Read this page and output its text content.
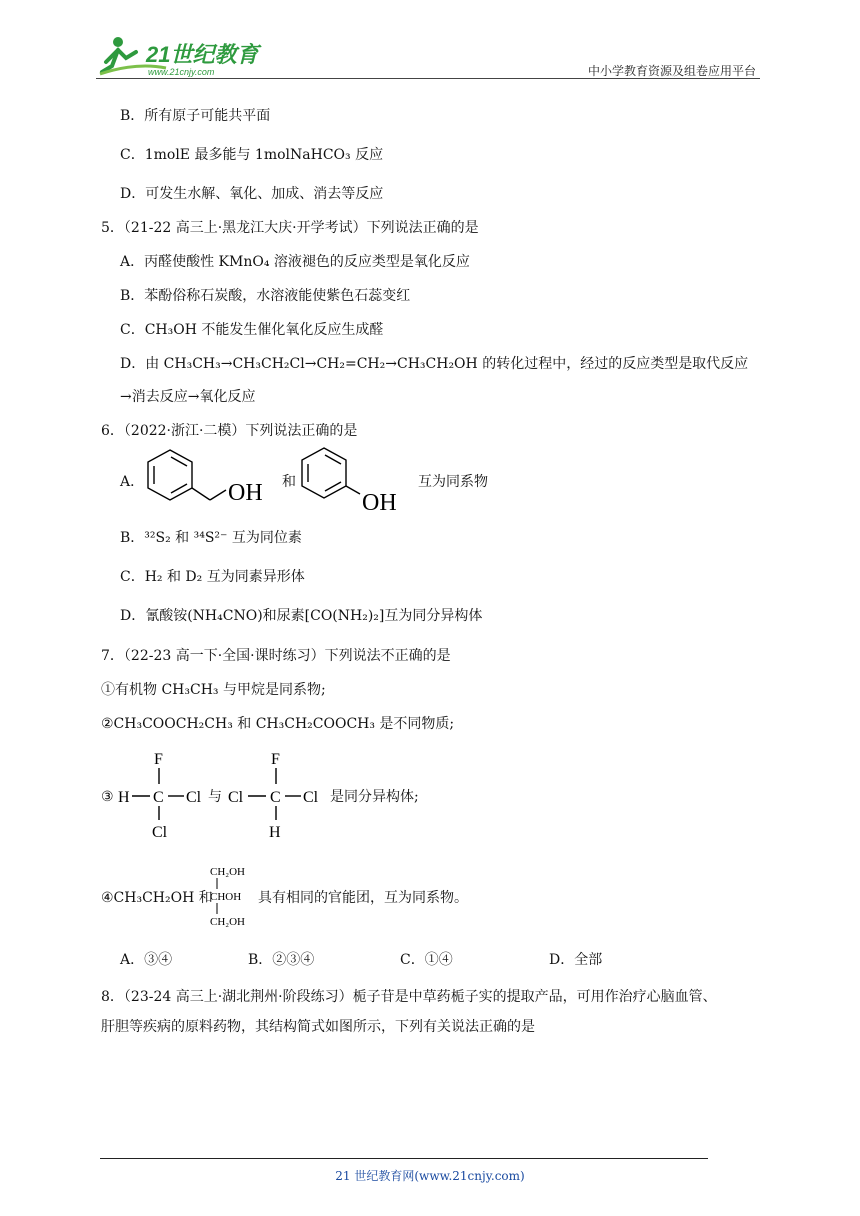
21世纪教育
www.21cnjy.com	中小学教育资源及组卷应用平台
B．所有原子可能共平面
C．1molE 最多能与 1molNaHCO₃ 反应
D．可发生水解、氧化、加成、消去等反应
5．（21-22 高三上·黑龙江大庆·开学考试）下列说法正确的是
A．丙醛使酸性 KMnO₄ 溶液褪色的反应类型是氧化反应
B．苯酚俗称石炭酸，水溶液能使紫色石蕊变红
C．CH₃OH 不能发生催化氧化反应生成醛
D．由 CH₃CH₃→CH₃CH₂Cl→CH₂=CH₂→CH₃CH₂OH 的转化过程中，经过的反应类型是取代反应
→消去反应→氧化反应
6．（2022·浙江·二模）下列说法正确的是
A．	OH 和
OH
互为同系物
B．³²S₂ 和 ³⁴S²⁻ 互为同位素
C．H₂ 和 D₂ 互为同素异形体
D．氰酸铵(NH₄CNO)和尿素[CO(NH₂)₂]互为同分异构体
7．（22-23 高一下·全国·课时练习）下列说法不正确的是
①有机物 CH₃CH₃ 与甲烷是同系物;
②CH₃COOCH₂CH₃ 和 CH₃CH₂COOCH₃ 是不同物质;
③
F
H C Cl
Cl
与
F
Cl C Cl
H
是同分异构体;
④CH₃CH₂OH 和
CH₂OH
CHOH
CH₂OH
具有相同的官能团，互为同系物。
A．③④	B．②③④	C．①④	D．全部
8．（23-24 高三上·湖北荆州·阶段练习）栀子苷是中草药栀子实的提取产品，可用作治疗心脑血管、
肝胆等疾病的原料药物，其结构简式如图所示，下列有关说法正确的是
21 世纪教育网(www.21cnjy.com)
